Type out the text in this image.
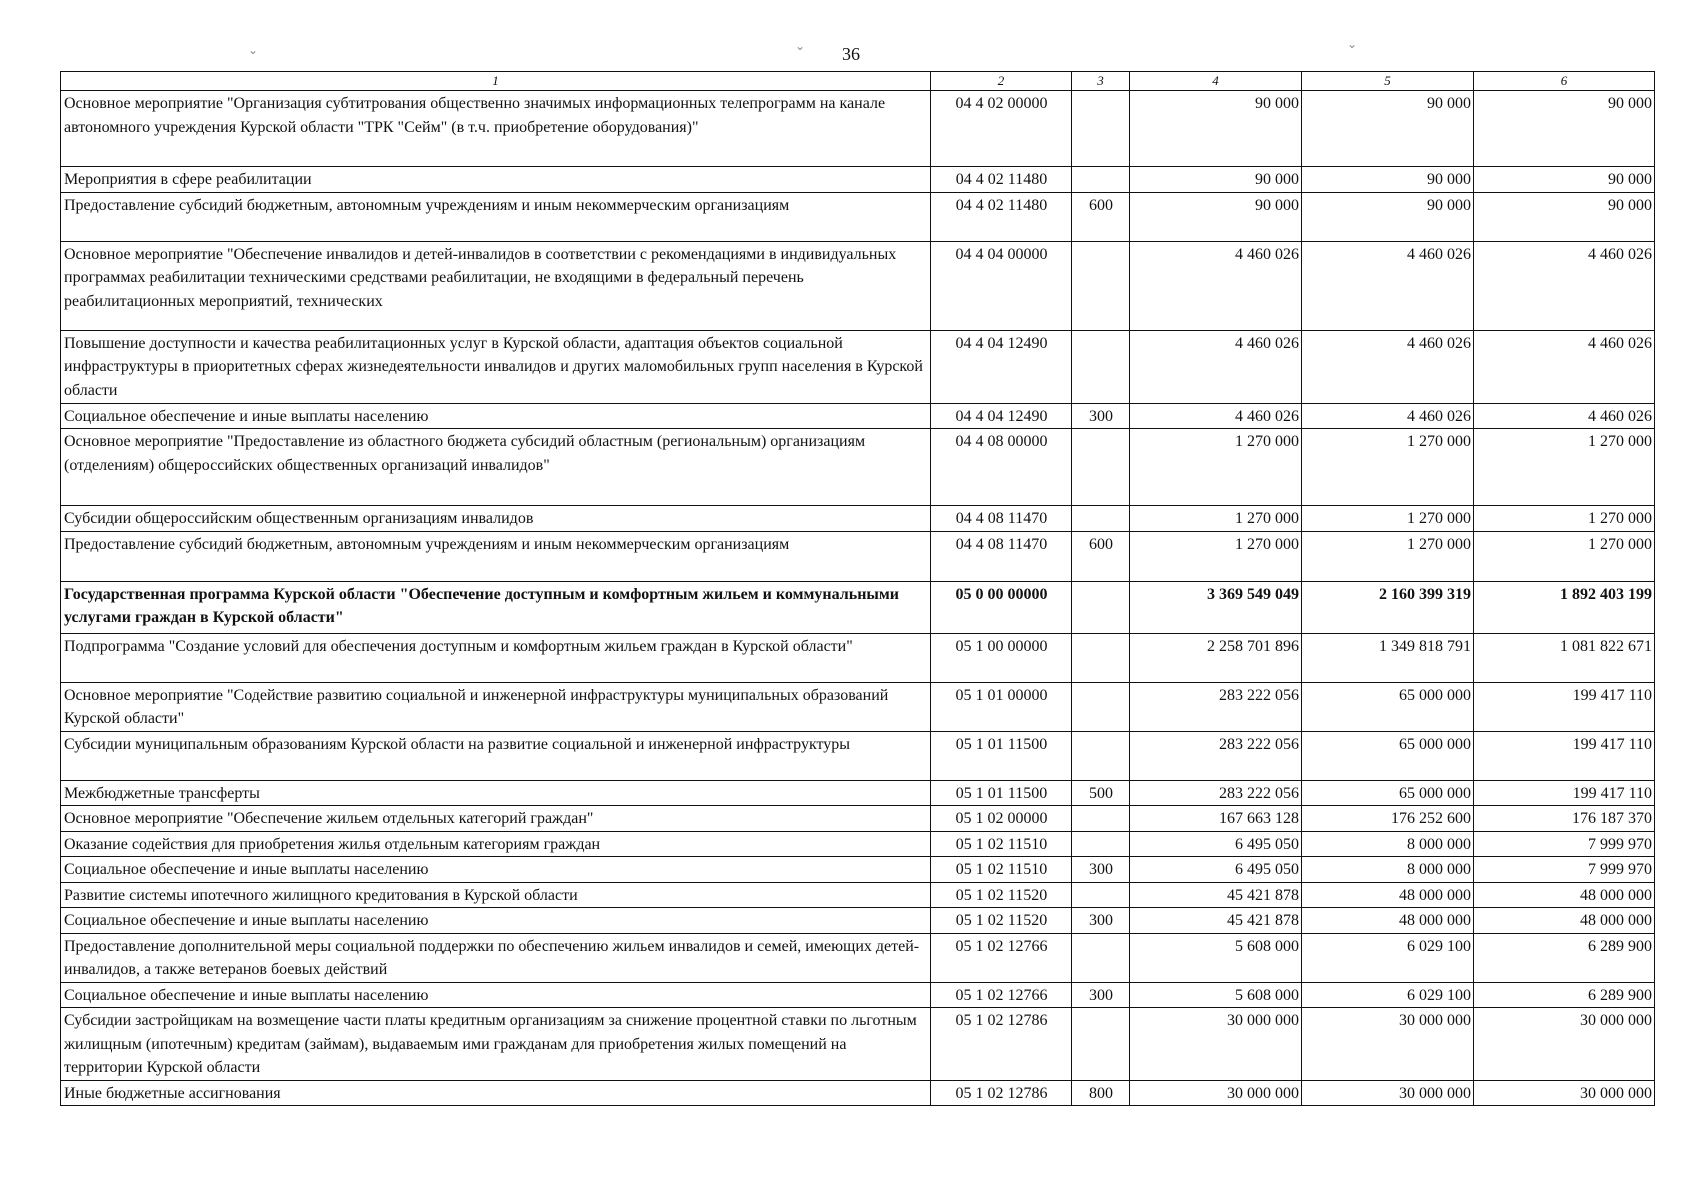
⌄	⌄	⌄
36
1	2	3	4	5	6
Основное мероприятие "Организация субтитрования общественно значимых информационных телепрограмм на канале автономного учреждения Курской области "ТРК "Сейм" (в т.ч. приобретение оборудования)"	04 4 02 00000		90 000	90 000	90 000
Мероприятия в сфере реабилитации	04 4 02 11480		90 000	90 000	90 000
Предоставление субсидий бюджетным, автономным учреждениям и иным некоммерческим организациям	04 4 02 11480	600	90 000	90 000	90 000
Основное мероприятие "Обеспечение инвалидов и детей-инвалидов в соответствии с рекомендациями в индивидуальных программах реабилитации техническими средствами реабилитации, не входящими в федеральный перечень реабилитационных мероприятий, технических	04 4 04 00000		4 460 026	4 460 026	4 460 026
Повышение доступности и качества реабилитационных услуг в Курской области, адаптация объектов социальной инфраструктуры в приоритетных сферах жизнедеятельности инвалидов и других маломобильных групп населения в Курской области	04 4 04 12490		4 460 026	4 460 026	4 460 026
Социальное обеспечение и иные выплаты населению	04 4 04 12490	300	4 460 026	4 460 026	4 460 026
Основное мероприятие "Предоставление из областного бюджета субсидий областным (региональным) организациям (отделениям) общероссийских общественных организаций инвалидов"	04 4 08 00000		1 270 000	1 270 000	1 270 000
Субсидии общероссийским общественным организациям инвалидов	04 4 08 11470		1 270 000	1 270 000	1 270 000
Предоставление субсидий бюджетным, автономным учреждениям и иным некоммерческим организациям	04 4 08 11470	600	1 270 000	1 270 000	1 270 000
Государственная программа Курской области "Обеспечение доступным и комфортным жильем и коммунальными услугами граждан в Курской области"	05 0 00 00000		3 369 549 049	2 160 399 319	1 892 403 199
Подпрограмма "Создание условий для обеспечения доступным и комфортным жильем граждан в Курской области"	05 1 00 00000		2 258 701 896	1 349 818 791	1 081 822 671
Основное мероприятие "Содействие развитию социальной и инженерной инфраструктуры муниципальных образований Курской области"	05 1 01 00000		283 222 056	65 000 000	199 417 110
Субсидии муниципальным образованиям Курской области на развитие социальной и инженерной инфраструктуры	05 1 01 11500		283 222 056	65 000 000	199 417 110
Межбюджетные трансферты	05 1 01 11500	500	283 222 056	65 000 000	199 417 110
Основное мероприятие "Обеспечение жильем отдельных категорий граждан"	05 1 02 00000		167 663 128	176 252 600	176 187 370
Оказание содействия для приобретения жилья отдельным категориям граждан	05 1 02 11510		6 495 050	8 000 000	7 999 970
Социальное обеспечение и иные выплаты населению	05 1 02 11510	300	6 495 050	8 000 000	7 999 970
Развитие системы ипотечного жилищного кредитования в Курской области	05 1 02 11520		45 421 878	48 000 000	48 000 000
Социальное обеспечение и иные выплаты населению	05 1 02 11520	300	45 421 878	48 000 000	48 000 000
Предоставление дополнительной меры социальной поддержки по обеспечению жильем инвалидов и семей, имеющих детей-инвалидов, а также ветеранов боевых действий	05 1 02 12766		5 608 000	6 029 100	6 289 900
Социальное обеспечение и иные выплаты населению	05 1 02 12766	300	5 608 000	6 029 100	6 289 900
Субсидии застройщикам на возмещение части платы кредитным организациям за снижение процентной ставки по льготным жилищным (ипотечным) кредитам (займам), выдаваемым ими гражданам для приобретения жилых помещений на территории Курской области	05 1 02 12786		30 000 000	30 000 000	30 000 000
Иные бюджетные ассигнования	05 1 02 12786	800	30 000 000	30 000 000	30 000 000
